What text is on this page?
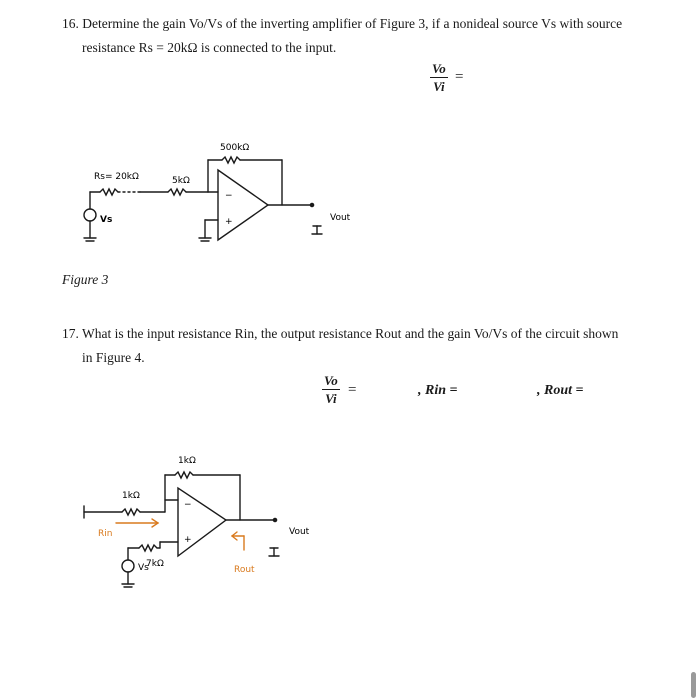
16. Determine the gain Vo/Vs of the inverting amplifier of Figure 3, if a nonideal source Vs with source
resistance Rs = 20kΩ is connected to the input.
$\frac{Vo}{Vi}$ =
Rs= 20kΩ	5kΩ
500kΩ
Vs	Vout
−
+
Figure 3
17. What is the input resistance Rin, the output resistance Rout and the gain Vo/Vs of the circuit shown
in Figure 4.
$\frac{Vo}{Vi}$ =	, Rin =	, Rout =
1kΩ
1kΩ
7kΩ
Rin
Rout
Vs
Vout
−
+
